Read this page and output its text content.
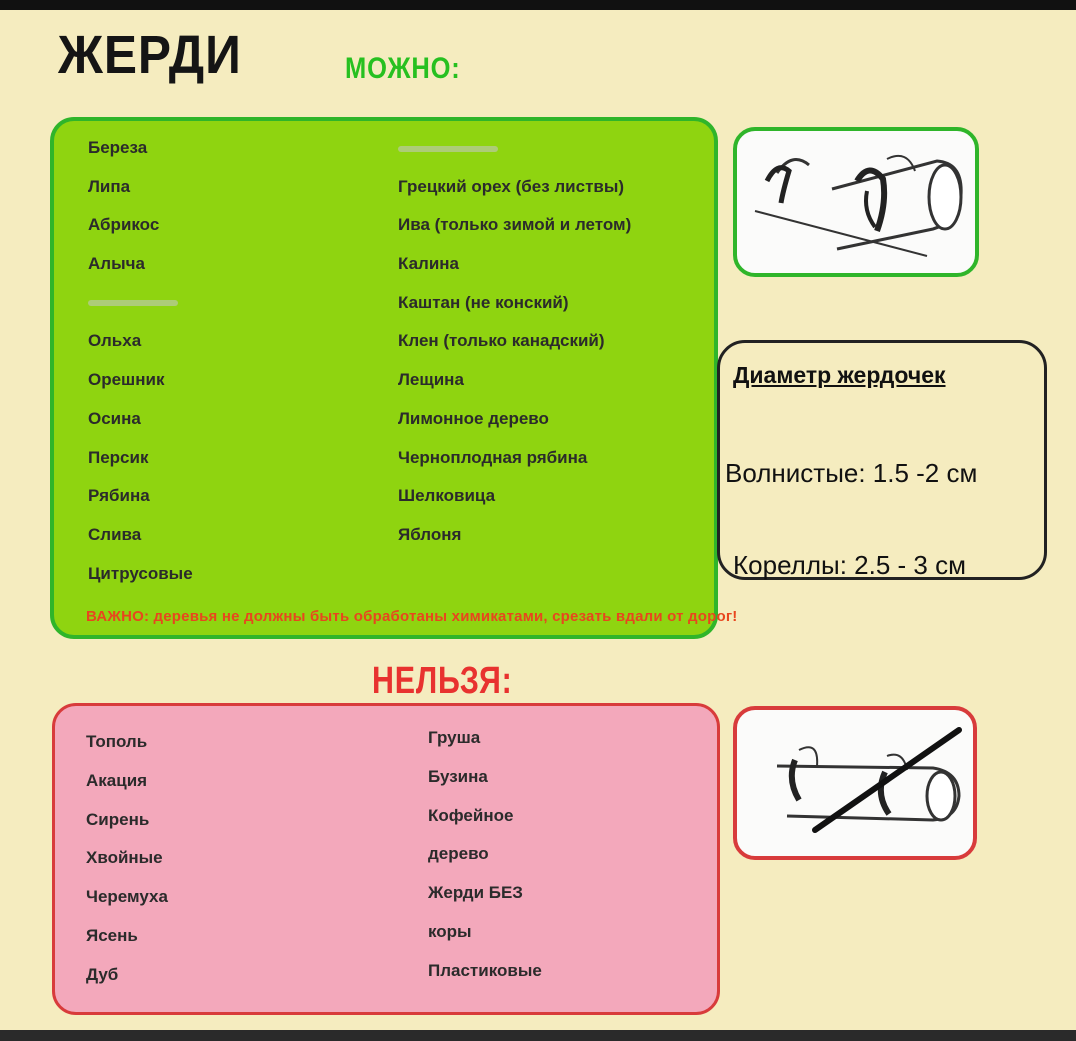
ЖЕРДИ	МОЖНО:
Береза
Липа
Абрикос
Алыча
Ольха
Орешник
Осина
Персик
Рябина
Слива
Цитрусовые
Грецкий орех (без листвы)
Ива (только зимой и летом)
Калина
Каштан (не конский)
Клен (только канадский)
Лещина
Лимонное дерево
Черноплодная рябина
Шелковица
Яблоня
ВАЖНО: деревья не должны быть обработаны химикатами, срезать вдали от дорог!
Диаметр жердочек
Волнистые: 1.5 -2 см
Кореллы: 2.5 - 3 см
НЕЛЬЗЯ:
Тополь
Акация
Сирень
Хвойные
Черемуха
Ясень
Дуб
Груша
Бузина
Кофейное
дерево
Жерди БЕЗ
коры
Пластиковые
